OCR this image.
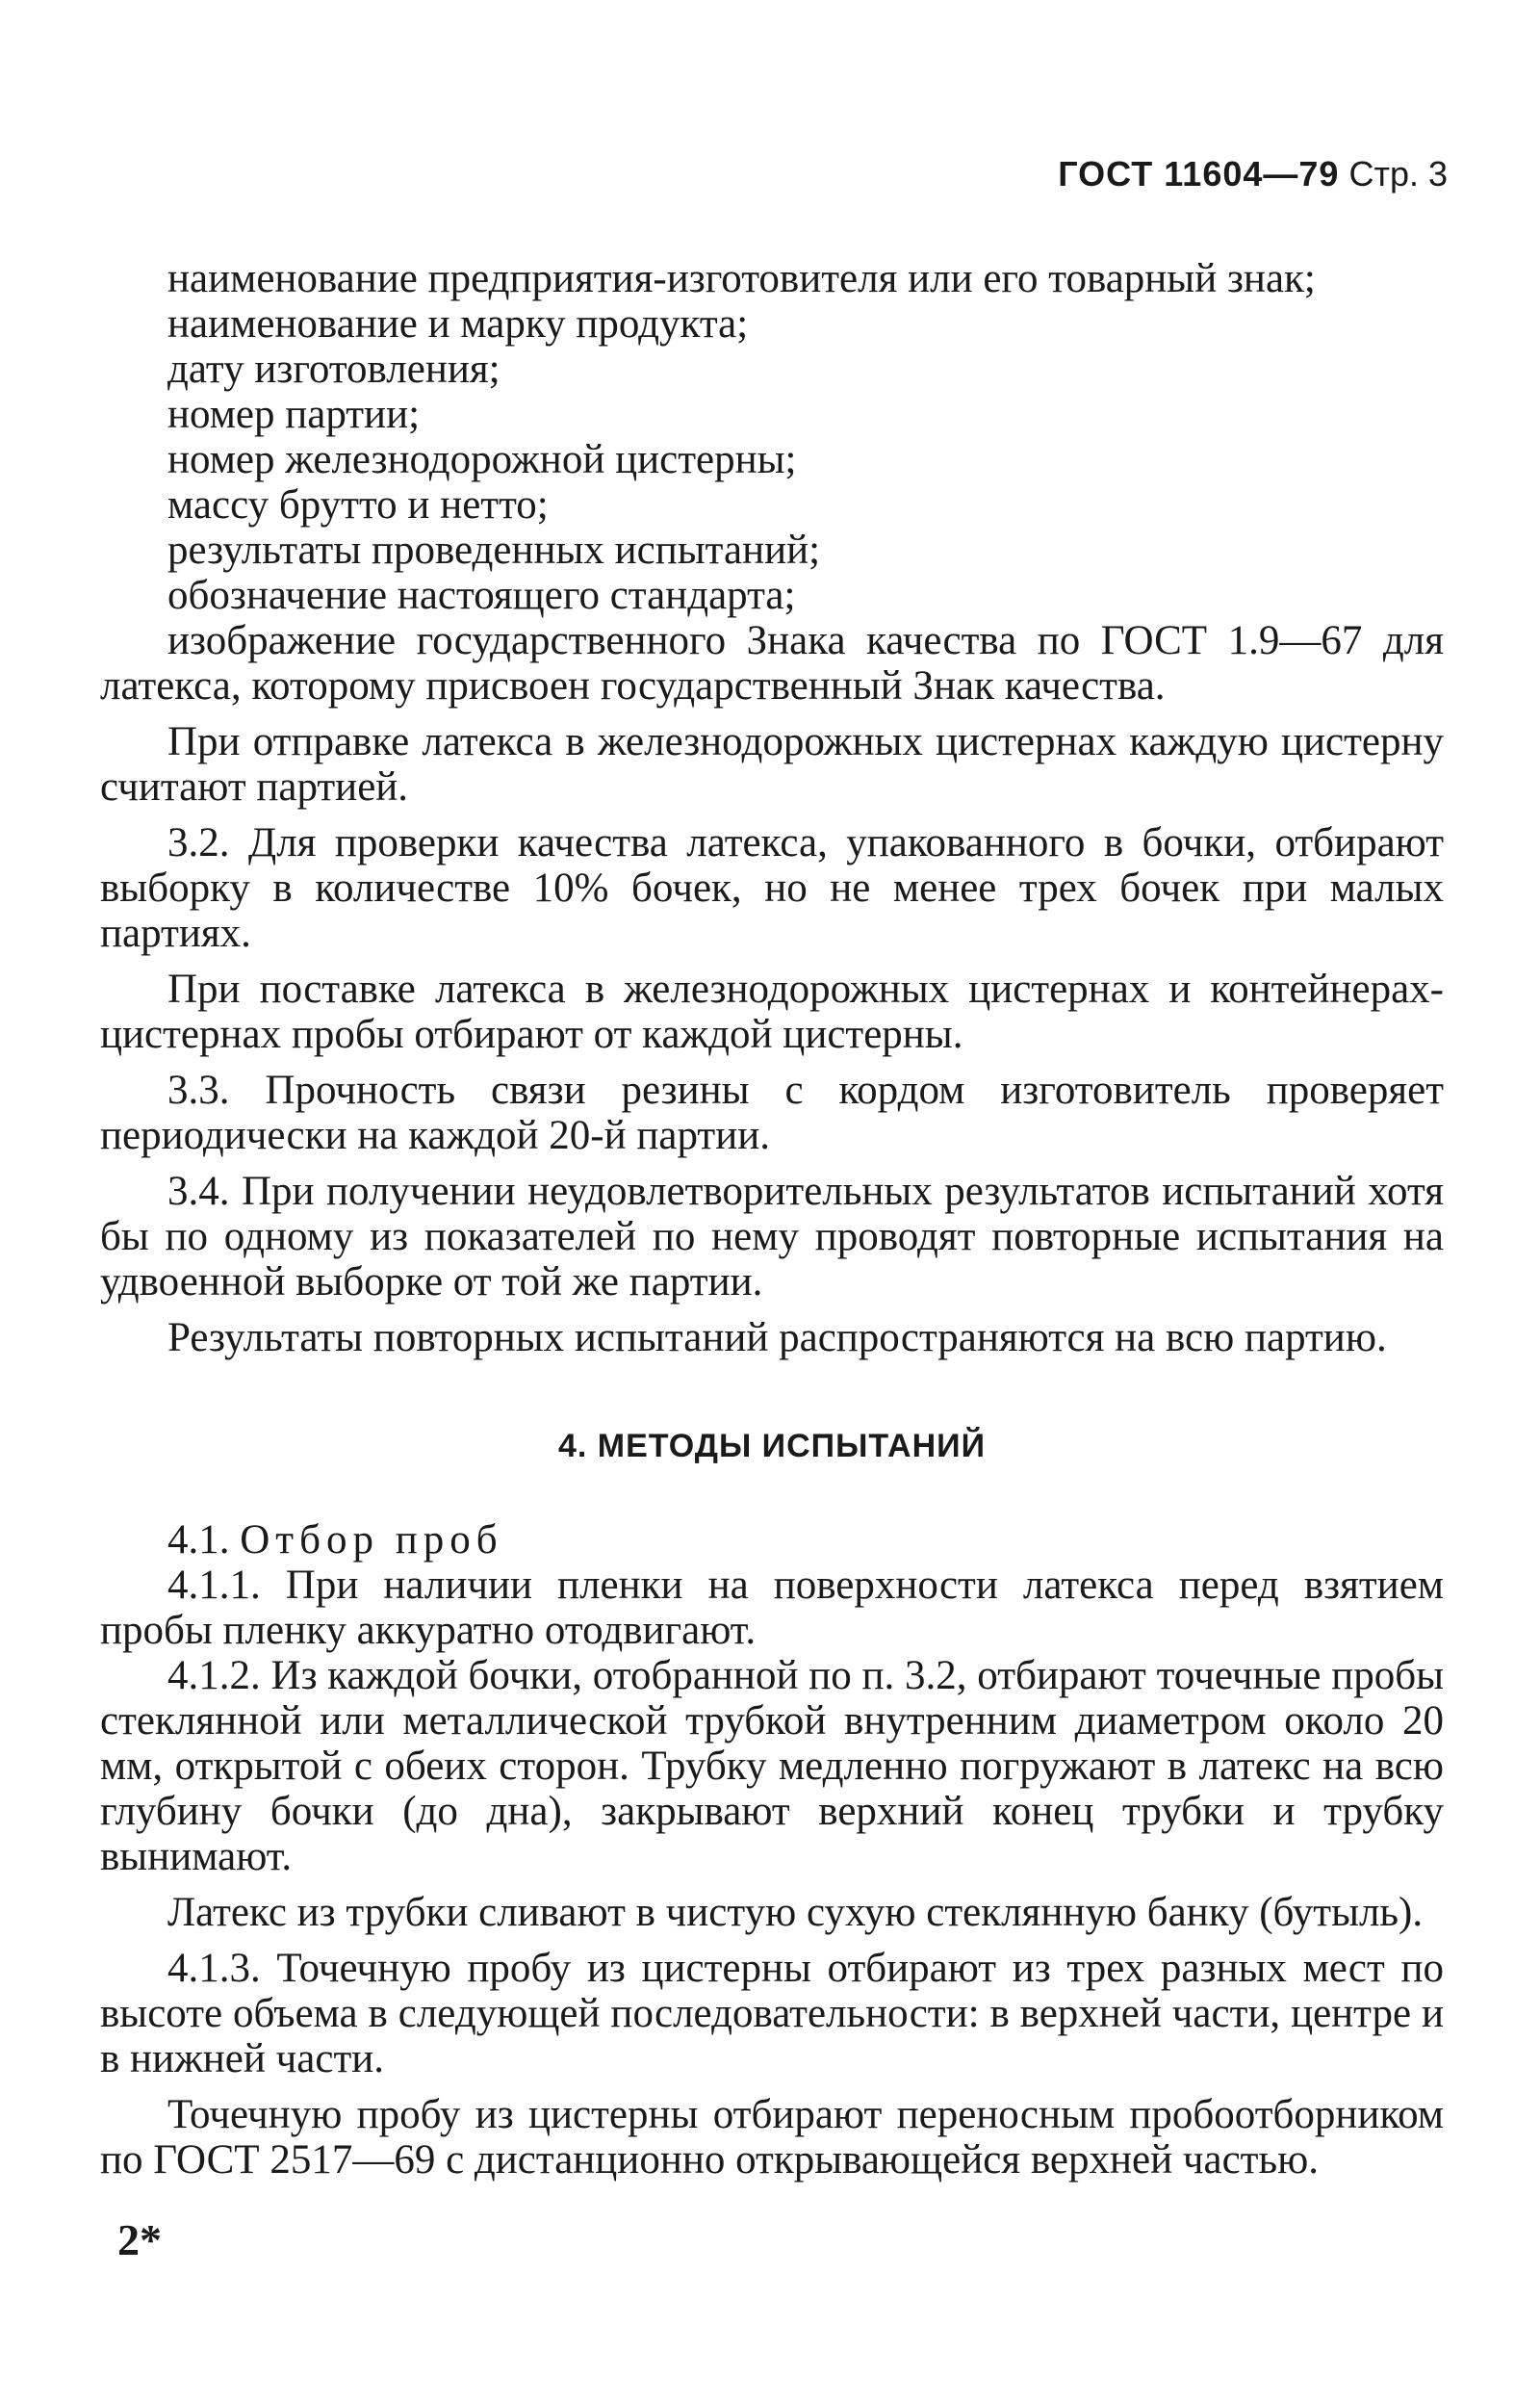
ГОСТ 11604—79 Стр. 3

наименование предприятия-изготовителя или его товарный знак;

наименование и марку продукта;

дату изготовления;

номер партии;

номер железнодорожной цистерны;

массу брутто и нетто;

результаты проведенных испытаний;

обозначение настоящего стандарта;

изображение государственного Знака качества по ГОСТ 1.9—67 для латекса, которому присвоен государственный Знак качества.

При отправке латекса в железнодорожных цистернах каждую цистерну считают партией.

3.2. Для проверки качества латекса, упакованного в бочки, отбирают выборку в количестве 10% бочек, но не менее трех бочек при малых партиях.

При поставке латекса в железнодорожных цистернах и контейнерах-цистернах пробы отбирают от каждой цистерны.

3.3. Прочность связи резины с кордом изготовитель проверяет периодически на каждой 20-й партии.

3.4. При получении неудовлетворительных результатов испытаний хотя бы по одному из показателей по нему проводят повторные испытания на удвоенной выборке от той же партии.

Результаты повторных испытаний распространяются на всю партию.

4. МЕТОДЫ ИСПЫТАНИЙ

4.1. Отбор проб

4.1.1. При наличии пленки на поверхности латекса перед взятием пробы пленку аккуратно отодвигают.

4.1.2. Из каждой бочки, отобранной по п. 3.2, отбирают точечные пробы стеклянной или металлической трубкой внутренним диаметром около 20 мм, открытой с обеих сторон. Трубку медленно погружают в латекс на всю глубину бочки (до дна), закрывают верхний конец трубки и трубку вынимают.

Латекс из трубки сливают в чистую сухую стеклянную банку (бутыль).

4.1.3. Точечную пробу из цистерны отбирают из трех разных мест по высоте объема в следующей последовательности: в верхней части, центре и в нижней части.

Точечную пробу из цистерны отбирают переносным пробоотборником по ГОСТ 2517—69 с дистанционно открывающейся верхней частью.

2*
